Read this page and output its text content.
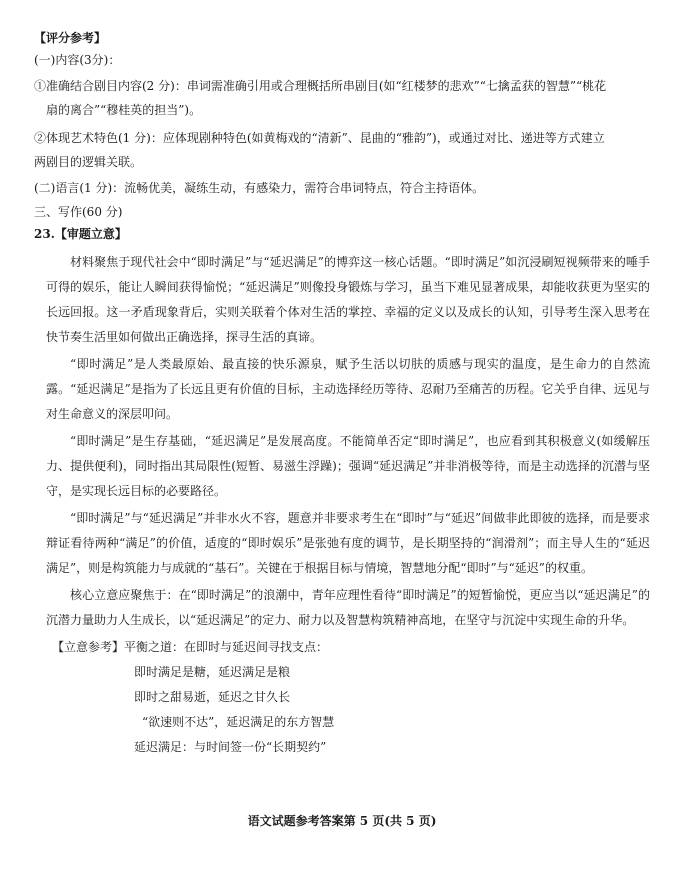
【评分参考】
(一)内容(3分)：
①准确结合剧目内容(2 分)：串词需准确引用或合理概括所串剧目(如“红楼梦的悲欢”“七擒孟获的智慧”“桃花
扇的离合”“穆桂英的担当”)。
②体现艺术特色(1 分)：应体现剧种特色(如黄梅戏的“清新”、昆曲的“雅韵”)，或通过对比、递进等方式建立
两剧目的逻辑关联。
(二)语言(1 分)：流畅优美，凝练生动，有感染力，需符合串词特点，符合主持语体。
三、写作(60 分)
23.【审题立意】

材料聚焦于现代社会中“即时满足”与“延迟满足”的博弈这一核心话题。“即时满足”如沉浸刷短视频带来的唾手可得的娱乐，能让人瞬间获得愉悦；“延迟满足”则像投身锻炼与学习，虽当下难见显著成果，却能收获更为坚实的长远回报。这一矛盾现象背后，实则关联着个体对生活的掌控、幸福的定义以及成长的认知，引导考生深入思考在快节奏生活里如何做出正确选择，探寻生活的真谛。

“即时满足”是人类最原始、最直接的快乐源泉，赋予生活以切肤的质感与现实的温度，是生命力的自然流露。“延迟满足”是指为了长远且更有价值的目标，主动选择经历等待、忍耐乃至痛苦的历程。它关乎自律、远见与对生命意义的深层叩问。

“即时满足”是生存基础，“延迟满足”是发展高度。不能简单否定“即时满足”，也应看到其积极意义(如缓解压力、提供便利)，同时指出其局限性(短暂、易滋生浮躁)；强调“延迟满足”并非消极等待，而是主动选择的沉潜与坚守，是实现长远目标的必要路径。

“即时满足”与“延迟满足”并非水火不容，题意并非要求考生在“即时”与“延迟”间做非此即彼的选择，而是要求辩证看待两种“满足”的价值，适度的“即时娱乐”是张弛有度的调节，是长期坚持的“润滑剂”；而主导人生的“延迟满足”，则是构筑能力与成就的“基石”。关键在于根据目标与情境，智慧地分配“即时”与“延迟”的权重。

核心立意应聚焦于：在“即时满足”的浪潮中，青年应理性看待“即时满足”的短暂愉悦，更应当以“延迟满足”的沉潜力量助力人生成长，以“延迟满足”的定力、耐力以及智慧构筑精神高地，在坚守与沉淀中实现生命的升华。

【立意参考】平衡之道：在即时与延迟间寻找支点：
即时满足是糖，延迟满足是粮
即时之甜易逝，延迟之甘久长
“欲速则不达”，延迟满足的东方智慧
延迟满足：与时间签一份“长期契约”
语文试题参考答案第 5 页(共 5 页)
